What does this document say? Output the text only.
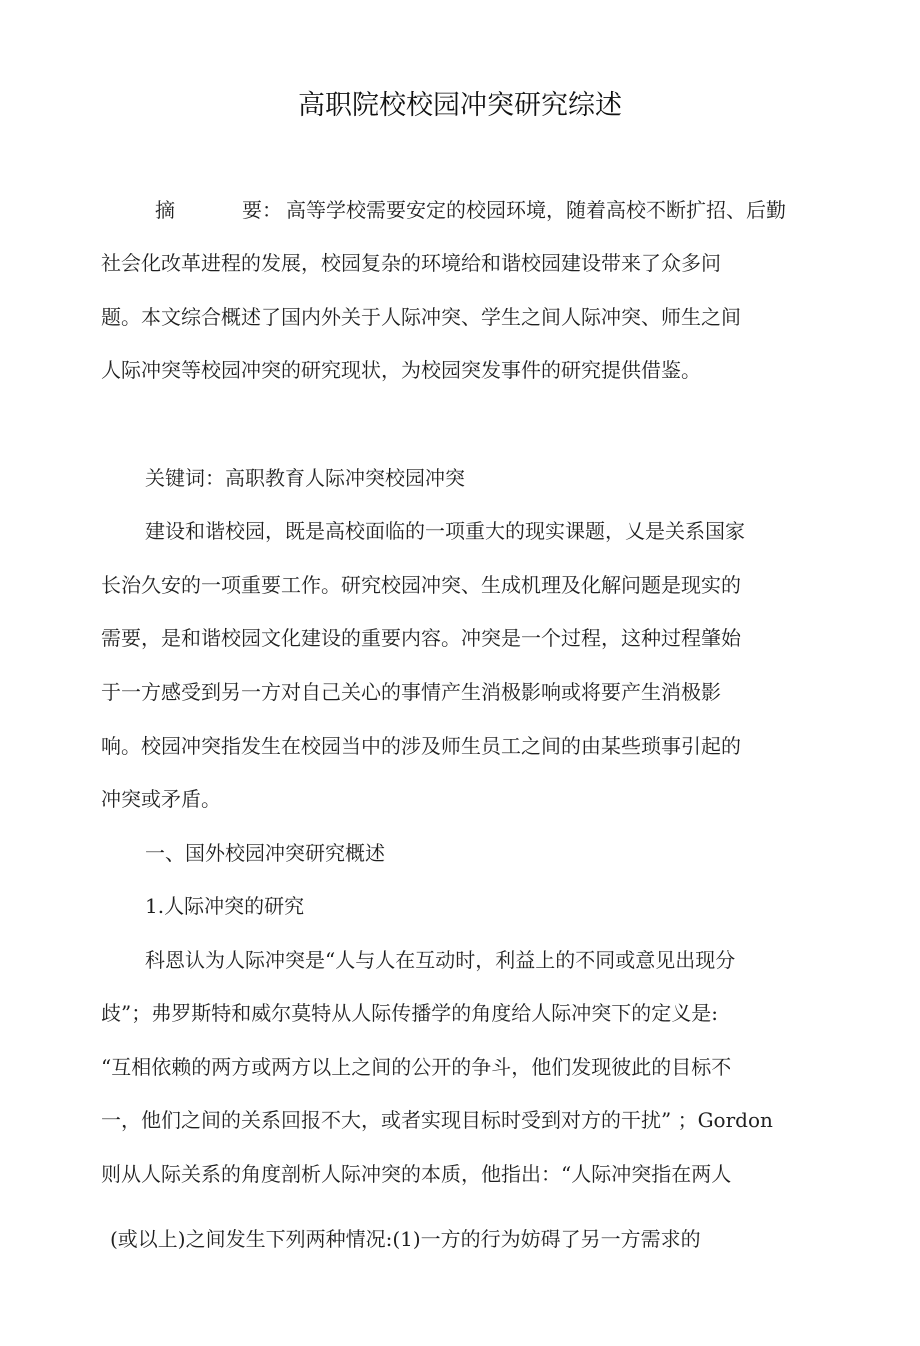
高职院校校园冲突研究综述
摘	要： 高等学校需要安定的校园环境，随着高校不断扩招、后勤
社会化改革进程的发展，校园复杂的环境给和谐校园建设带来了众多问
题。本文综合概述了国内外关于人际冲突、学生之间人际冲突、师生之间
人际冲突等校园冲突的研究现状，为校园突发事件的研究提供借鉴。
关键词：高职教育人际冲突校园冲突
建设和谐校园，既是高校面临的一项重大的现实课题，乂是关系国家
长治久安的一项重要工作。研究校园冲突、生成机理及化解问题是现实的
需要，是和谐校园文化建设的重要内容。冲突是一个过程，这种过程肇始
于一方感受到另一方对自己关心的事情产生消极影响或将要产生消极影
响。校园冲突指发生在校园当中的涉及师生员工之间的由某些琐事引起的
冲突或矛盾。
一、国外校园冲突研究概述
1.人际冲突的研究
科恩认为人际冲突是“人与人在互动时，利益上的不同或意见出现分
歧”；弗罗斯特和威尔莫特从人际传播学的角度给人际冲突下的定义是:
“互相依赖的两方或两方以上之间的公开的争斗，他们发现彼此的目标不
一，他们之间的关系回报不大，或者实现目标时受到对方的干扰” ；Gordon
则从人际关系的角度剖析人际冲突的本质，他指出：“人际冲突指在两人
(或以上)之间发生下列两种情况:(1)一方的行为妨碍了另一方需求的
